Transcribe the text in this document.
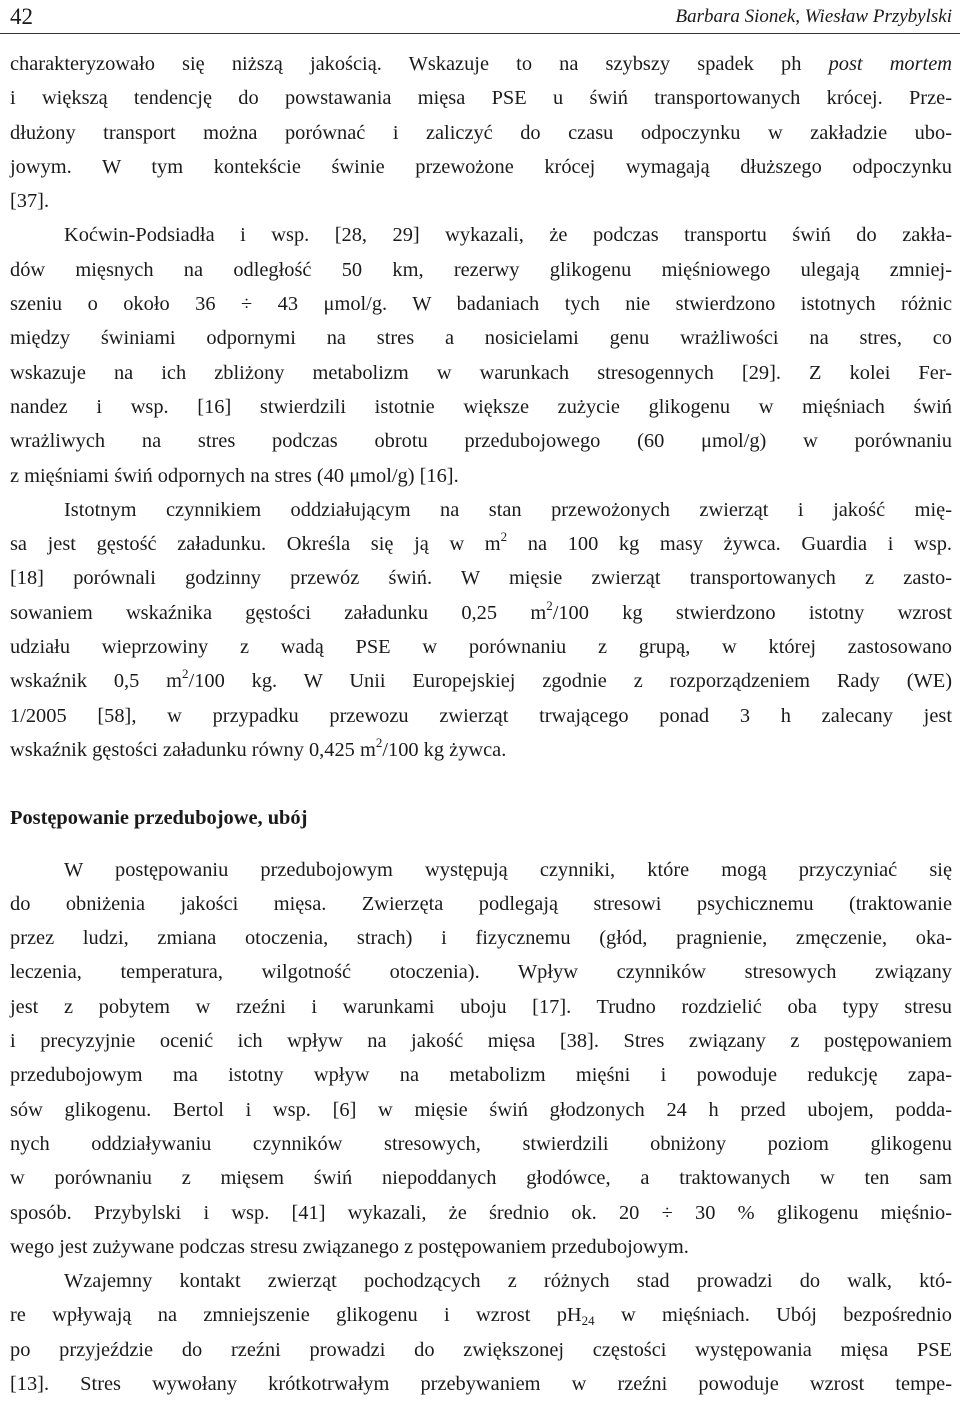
42	Barbara Sionek, Wiesław Przybylski

charakteryzowało się niższą jakością. Wskazuje to na szybszy spadek ph post mortem
i większą tendencję do powstawania mięsa PSE u świń transportowanych krócej. Prze-
dłużony transport można porównać i zaliczyć do czasu odpoczynku w zakładzie ubo-
jowym. W tym kontekście świnie przewożone krócej wymagają dłuższego odpoczynku
[37].

Koćwin-Podsiadła i wsp. [28, 29] wykazali, że podczas transportu świń do zakła-
dów mięsnych na odległość 50 km, rezerwy glikogenu mięśniowego ulegają zmniej-
szeniu o około 36 ÷ 43 μmol/g. W badaniach tych nie stwierdzono istotnych różnic
między świniami odpornymi na stres a nosicielami genu wrażliwości na stres, co
wskazuje na ich zbliżony metabolizm w warunkach stresogennych [29]. Z kolei Fer-
nandez i wsp. [16] stwierdzili istotnie większe zużycie glikogenu w mięśniach świń
wrażliwych na stres podczas obrotu przedubojowego (60 μmol/g) w porównaniu
z mięśniami świń odpornych na stres (40 μmol/g) [16].

Istotnym czynnikiem oddziałującym na stan przewożonych zwierząt i jakość mię-
sa jest gęstość załadunku. Określa się ją w $m^2$ na 100 kg masy żywca. Guardia i wsp.
[18] porównali godzinny przewóz świń. W mięsie zwierząt transportowanych z zasto-
sowaniem wskaźnika gęstości załadunku 0,25 $m^2/100$ kg stwierdzono istotny wzrost
udziału wieprzowiny z wadą PSE w porównaniu z grupą, w której zastosowano
wskaźnik 0,5 $m^2/100$ kg. W Unii Europejskiej zgodnie z rozporządzeniem Rady (WE)
1/2005 [58], w przypadku przewozu zwierząt trwającego ponad 3 h zalecany jest
wskaźnik gęstości załadunku równy 0,425 $m^2/100$ kg żywca.

Postępowanie przedubojowe, ubój

W postępowaniu przedubojowym występują czynniki, które mogą przyczyniać się
do obniżenia jakości mięsa. Zwierzęta podlegają stresowi psychicznemu (traktowanie
przez ludzi, zmiana otoczenia, strach) i fizycznemu (głód, pragnienie, zmęczenie, oka-
leczenia, temperatura, wilgotność otoczenia). Wpływ czynników stresowych związany
jest z pobytem w rzeźni i warunkami uboju [17]. Trudno rozdzielić oba typy stresu
i precyzyjnie ocenić ich wpływ na jakość mięsa [38]. Stres związany z postępowaniem
przedubojowym ma istotny wpływ na metabolizm mięśni i powoduje redukcję zapa-
sów glikogenu. Bertol i wsp. [6] w mięsie świń głodzonych 24 h przed ubojem, podda-
nych oddziaływaniu czynników stresowych, stwierdzili obniżony poziom glikogenu
w porównaniu z mięsem świń niepoddanych głodówce, a traktowanych w ten sam
sposób. Przybylski i wsp. [41] wykazali, że średnio ok. 20 ÷ 30 % glikogenu mięśnio-
wego jest zużywane podczas stresu związanego z postępowaniem przedubojowym.

Wzajemny kontakt zwierząt pochodzących z różnych stad prowadzi do walk, któ-
re wpływają na zmniejszenie glikogenu i wzrost $pH_{24}$ w mięśniach. Ubój bezpośrednio
po przyjeździe do rzeźni prowadzi do zwiększonej częstości występowania mięsa PSE
[13]. Stres wywołany krótkotrwałym przebywaniem w rzeźni powoduje wzrost tempe-
